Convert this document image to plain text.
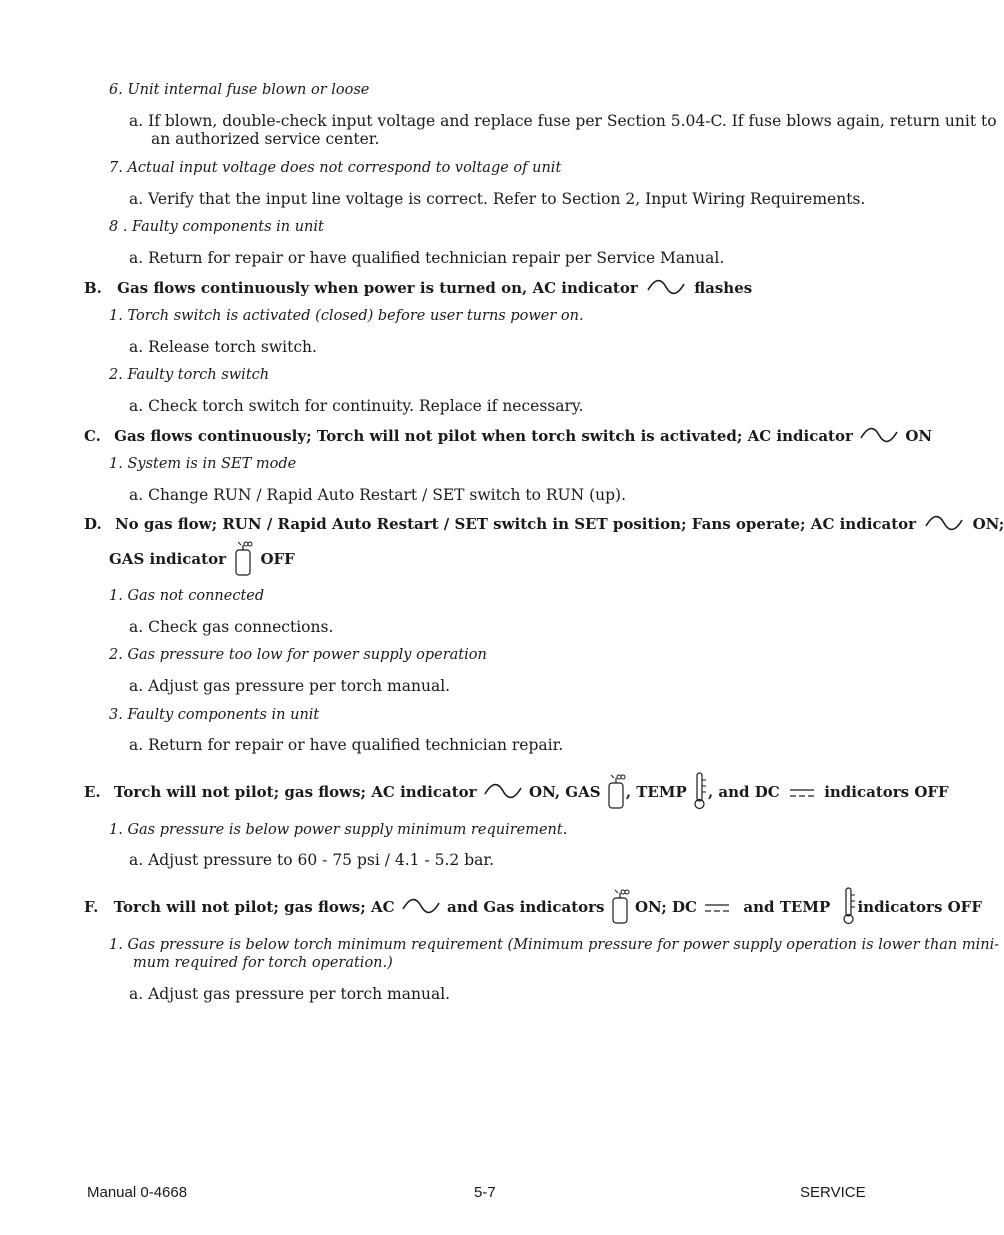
6. Unit internal fuse blown or loose
a. If blown, double-check input voltage and replace fuse per Section 5.04-C. If fuse blows again, return unit to
an authorized service center.
7. Actual input voltage does not correspond to voltage of unit
a. Verify that the input line voltage is correct. Refer to Section 2, Input Wiring Requirements.
8 . Faulty components in unit
a. Return for repair or have qualified technician repair per Service Manual.
B. Gas flows continuously when power is turned on, AC indicator	flashes
1. Torch switch is activated (closed) before user turns power on.
a. Release torch switch.
2. Faulty torch switch
a. Check torch switch for continuity. Replace if necessary.
C. Gas flows continuously; Torch will not pilot when torch switch is activated; AC indicator	ON
1. System is in SET mode
a. Change RUN / Rapid Auto Restart / SET switch to RUN (up).
D. No gas flow; RUN / Rapid Auto Restart / SET switch in SET position; Fans operate; AC indicator	ON;
GAS indicator OFF
1. Gas not connected
a. Check gas connections.
2. Gas pressure too low for power supply operation
a. Adjust gas pressure per torch manual.
3. Faulty components in unit
a. Return for repair or have qualified technician repair.
E. Torch will not pilot; gas flows; AC indicator	ON, GAS , TEMP , and DC	indicators OFF
1. Gas pressure is below power supply minimum requirement.
a. Adjust pressure to 60 - 75 psi / 4.1 - 5.2 bar.
F. Torch will not pilot; gas flows; AC	and Gas indicators ON; DC	and TEMP indicators OFF
1. Gas pressure is below torch minimum requirement (Minimum pressure for power supply operation is lower than mini-
mum required for torch operation.)
a. Adjust gas pressure per torch manual.
Manual 0-4668	5-7	SERVICE
